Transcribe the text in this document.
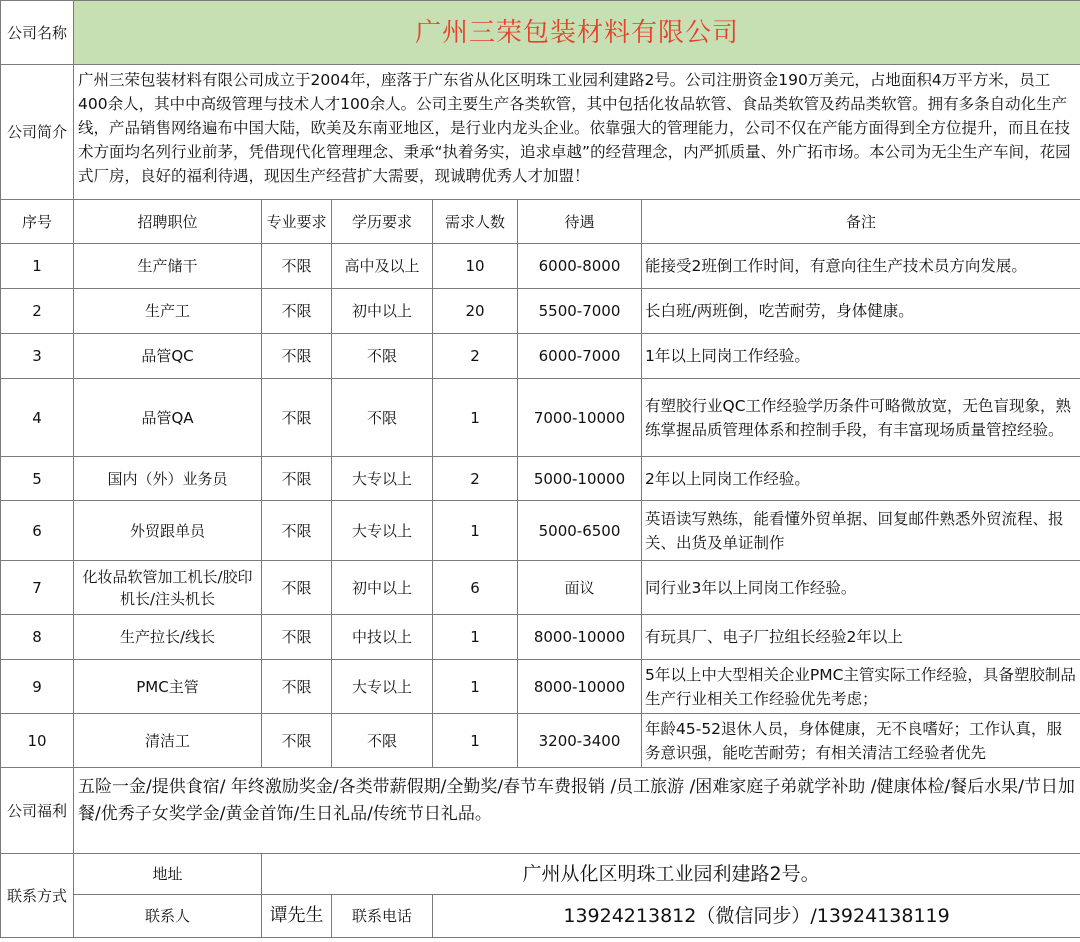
公司名称	广州三荣包装材料有限公司					
公司简介	广州三荣包装材料有限公司成立于2004年，座落于广东省从化区明珠工业园利建路2号。公司注册资金190万美元，占地面积4万平方米，员工400余人，其中中高级管理与技术人才100余人。公司主要生产各类软管，其中包括化妆品软管、食品类软管及药品类软管。拥有多条自动化生产线，产品销售网络遍布中国大陆，欧美及东南亚地区，是行业内龙头企业。依靠强大的管理能力，公司不仅在产能方面得到全方位提升，而且在技术方面均名列行业前茅，凭借现代化管理理念、秉承“执着务实，追求卓越”的经营理念，内严抓质量、外广拓市场。本公司为无尘生产车间，花园式厂房，良好的福利待遇，现因生产经营扩大需要，现诚聘优秀人才加盟！					
序号	招聘职位	专业要求	学历要求	需求人数	待遇	备注
1	生产储干	不限	高中及以上	10	6000-8000	能接受2班倒工作时间，有意向往生产技术员方向发展。
2	生产工	不限	初中以上	20	5500-7000	长白班/两班倒，吃苦耐劳，身体健康。
3	品管QC	不限	不限	2	6000-7000	1年以上同岗工作经验。
4	品管QA	不限	不限	1	7000-10000	有塑胶行业QC工作经验学历条件可略微放宽，无色盲现象，熟练掌握品质管理体系和控制手段，有丰富现场质量管控经验。
5	国内（外）业务员	不限	大专以上	2	5000-10000	2年以上同岗工作经验。
6	外贸跟单员	不限	大专以上	1	5000-6500	英语读写熟练，能看懂外贸单据、回复邮件熟悉外贸流程、报关、出货及单证制作
7	化妆品软管加工机长/胶印机长/注头机长	不限	初中以上	6	面议	同行业3年以上同岗工作经验。
8	生产拉长/线长	不限	中技以上	1	8000-10000	有玩具厂、电子厂拉组长经验2年以上
9	PMC主管	不限	大专以上	1	8000-10000	5年以上中大型相关企业PMC主管实际工作经验，具备塑胶制品生产行业相关工作经验优先考虑；
10	清洁工	不限	不限	1	3200-3400	年龄45-52退休人员，身体健康，无不良嗜好；工作认真，服务意识强，能吃苦耐劳；有相关清洁工经验者优先
公司福利	五险一金/提供食宿/ 年终激励奖金/各类带薪假期/全勤奖/春节车费报销 /员工旅游 /困难家庭子弟就学补助 /健康体检/餐后水果/节日加餐/优秀子女奖学金/黄金首饰/生日礼品/传统节日礼品。					
联系方式	地址	广州从化区明珠工业园利建路2号。				
	联系人	谭先生	联系电话	13924213812（微信同步）/13924138119		
